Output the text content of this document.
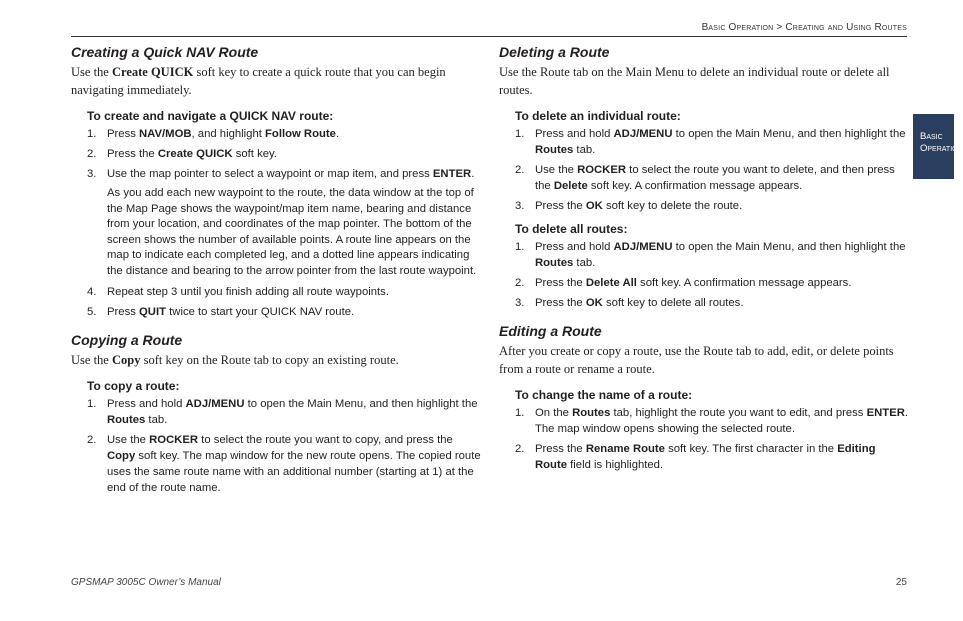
Basic Operation > Creating and Using Routes
Basic
Operation
Creating a Quick NAV Route

Use the Create QUICK soft key to create a quick route that you can begin navigating immediately.

To create and navigate a QUICK NAV route:
1. Press NAV/MOB, and highlight Follow Route.
2. Press the Create QUICK soft key.
3. Use the map pointer to select a waypoint or map item, and press ENTER.

As you add each new waypoint to the route, the data window at the top of the Map Page shows the waypoint/map item name, bearing and distance from your location, and coordinates of the map pointer. The bottom of the screen shows the number of available points. A route line appears on the map to indicate each completed leg, and a dotted line appears indicating the distance and bearing to the arrow pointer from the last route waypoint.

4. Repeat step 3 until you finish adding all route waypoints.
5. Press QUIT twice to start your QUICK NAV route.
Copying a Route

Use the Copy soft key on the Route tab to copy an existing route.

To copy a route:
1. Press and hold ADJ/MENU to open the Main Menu, and then highlight the Routes tab.
2. Use the ROCKER to select the route you want to copy, and press the Copy soft key. The map window for the new route opens. The copied route uses the same route name with an additional number (starting at 1) at the end of the route name.
Deleting a Route

Use the Route tab on the Main Menu to delete an individual route or delete all routes.

To delete an individual route:
1. Press and hold ADJ/MENU to open the Main Menu, and then highlight the Routes tab.
2. Use the ROCKER to select the route you want to delete, and then press the Delete soft key. A confirmation message appears.
3. Press the OK soft key to delete the route.
To delete all routes:
1. Press and hold ADJ/MENU to open the Main Menu, and then highlight the Routes tab.
2. Press the Delete All soft key. A confirmation message appears.
3. Press the OK soft key to delete all routes.
Editing a Route

After you create or copy a route, use the Route tab to add, edit, or delete points from a route or rename a route.

To change the name of a route:
1. On the Routes tab, highlight the route you want to edit, and press ENTER. The map window opens showing the selected route.
2. Press the Rename Route soft key. The first character in the Editing Route field is highlighted.
GPSMAP 3005C Owner’s Manual	25
